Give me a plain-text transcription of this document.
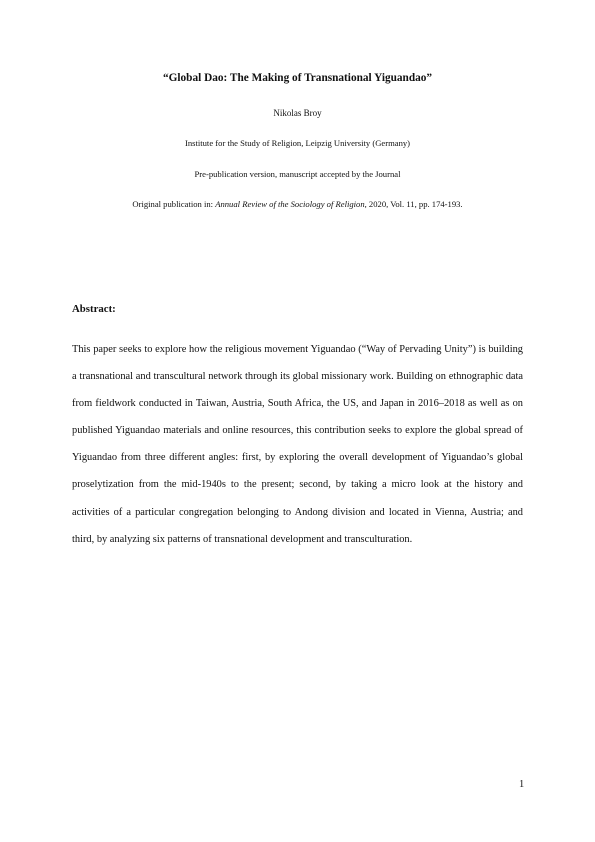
“Global Dao: The Making of Transnational Yiguandao”
Nikolas Broy
Institute for the Study of Religion, Leipzig University (Germany)
Pre-publication version, manuscript accepted by the Journal
Original publication in: Annual Review of the Sociology of Religion, 2020, Vol. 11, pp. 174-193.
Abstract:
This paper seeks to explore how the religious movement Yiguandao (“Way of Pervading Unity”) is building a transnational and transcultural network through its global missionary work. Building on ethnographic data from fieldwork conducted in Taiwan, Austria, South Africa, the US, and Japan in 2016–2018 as well as on published Yiguandao materials and online resources, this contribution seeks to explore the global spread of Yiguandao from three different angles: first, by exploring the overall development of Yiguandao’s global proselytization from the mid-1940s to the present; second, by taking a micro look at the history and activities of a particular congregation belonging to Andong division and located in Vienna, Austria; and third, by analyzing six patterns of transnational development and transculturation.
1
